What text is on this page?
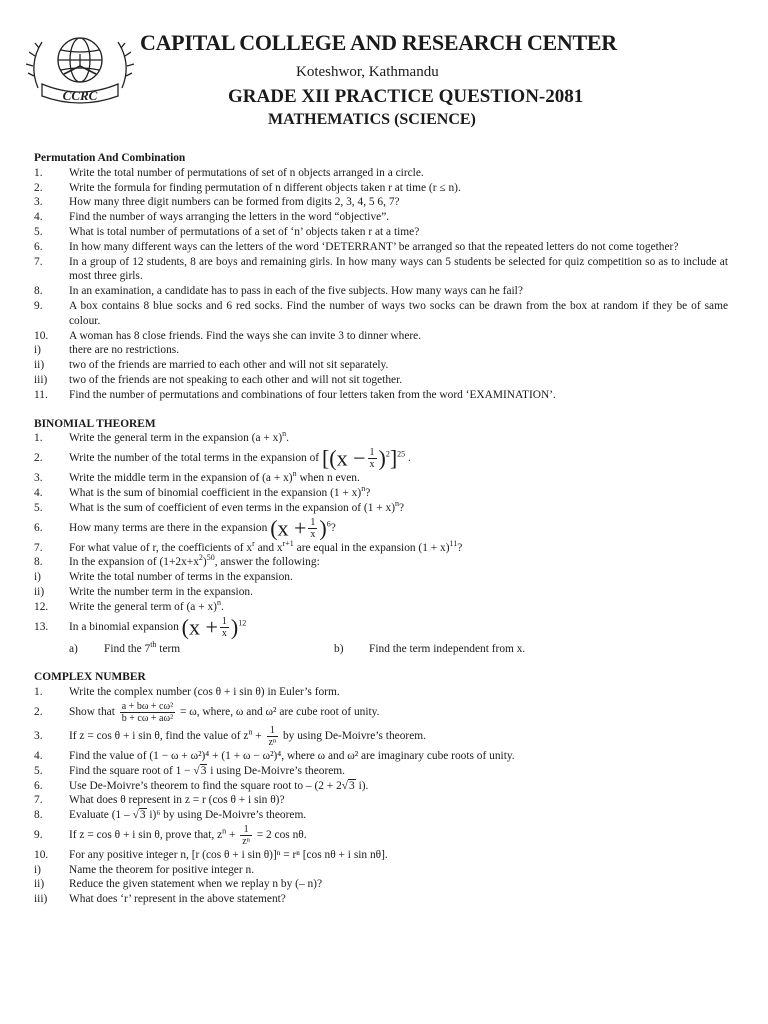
CCRC
CAPITAL COLLEGE AND RESEARCH CENTER
Koteshwor, Kathmandu
GRADE XII PRACTICE QUESTION-2081
MATHEMATICS (SCIENCE)
Permutation And Combination
1.	Write the total number of permutations of set of n objects arranged in a circle.
2.	Write the formula for finding permutation of n different objects taken r at time (r ≤ n).
3.	How many three digit numbers can be formed from digits 2, 3, 4, 5 6, 7?
4.	Find the number of ways arranging the letters in the word “objective”.
5.	What is total number of permutations of a set of ‘n’ objects taken r at a time?
6.	In how many different ways can the letters of the word ‘DETERRANT’ be arranged so that the repeated letters do not come together?
7.	In a group of 12 students, 8 are boys and remaining girls. In how many ways can 5 students be selected for quiz competition so as to include at most three girls.
8.	In an examination, a candidate has to pass in each of the five subjects. How many ways can he fail?
9.	A box contains 8 blue socks and 6 red socks. Find the number of ways two socks can be drawn from the box at random if they be of same colour.
10.	A woman has 8 close friends. Find the ways she can invite 3 to dinner where.
i)	there are no restrictions.
ii)	two of the friends are married to each other and will not sit separately.
iii)	two of the friends are not speaking to each other and will not sit together.
11.	Find the number of permutations and combinations of four letters taken from the word ‘EXAMINATION’.
BINOMIAL THEOREM
1.	Write the general term in the expansion $(a + x)^n$.
2.	Write the number of the total terms in the expansion of $[(x - \frac{1}{x} )^2]^{25}$ .
3.	Write the middle term in the expansion of $(a + x)^n$ when n even.
4.	What is the sum of binomial coefficient in the expansion $(1 + x)^n$?
5.	What is the sum of coefficient of even terms in the expansion of $(1 + x)^n$?
6.	How many terms are there in the expansion $(x + \frac{1}{x} )^6$?
7.	For what value of r, the coefficients of $x^r$ and $x^{r+1}$ are equal in the expansion $(1 + x)^{11}$?
8.	In the expansion of $(1+2x+x^2)^{50}$, answer the following:
i)	Write the total number of terms in the expansion.
ii)	Write the number term in the expansion.
12.	Write the general term of $(a + x)^n$.
13.	In a binomial expansion $(x + \frac{1}{x} )^{12}$
a)	Find the 7th term	b)	Find the term independent from x.
COMPLEX NUMBER
1.	Write the complex number (cos θ + i sin θ) in Euler’s form.
2.	Show that $\frac{\text{a + bω + cω²}}{\text{b + cω + aω²}} = \omega$, where, ω and ω² are cube root of unity.
3.	If z = cos θ + i sin θ, find the value of $z^n + \frac{1}{\text{zⁿ}}$ by using De-Moivre’s theorem.
4.	Find the value of (1 − ω + ω²)⁴ + (1 + ω − ω²)⁴, where ω and ω² are imaginary cube roots of unity.
5.	Find the square root of 1 − √3 i using De-Moivre’s theorem.
6.	Use De-Moivre’s theorem to find the square root to – (2 + 2√3 i).
7.	What does θ represent in z = r (cos θ + i sin θ)?
8.	Evaluate (1 – √3 i)⁶ by using De-Moivre’s theorem.
9.	If z = cos θ + i sin θ, prove that, $z^n + \frac{1}{\text{zⁿ}} = 2$ cos nθ.
10.	For any positive integer n, [r (cos θ + i sin θ)]ⁿ = rⁿ [cos nθ + i sin nθ].
i)	Name the theorem for positive integer n.
ii)	Reduce the given statement when we replay n by (– n)?
iii)	What does ‘r’ represent in the above statement?
